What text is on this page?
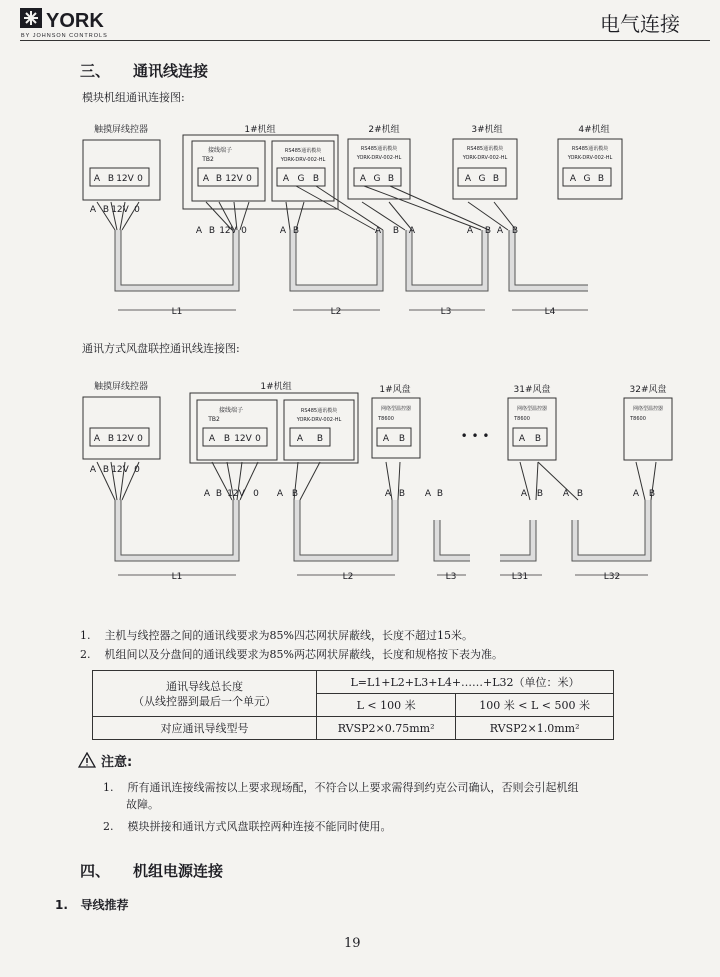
YORK
BY JOHNSON CONTROLS	电气连接
三、 通讯线连接
模块机组通讯连接图:
触摸屏线控器	1#机组	2#机组	3#机组	4#机组
接线端子
TB2
RS485通讯模块
YORK-DRV-002-HL
RS485通讯模块
YORK-DRV-002-HL
RS485通讯模块
YORK-DRV-002-HL
RS485通讯模块
YORK-DRV-002-HL
A B 12V 0	A B 12V 0	A G B	A G B	A G B	A G B
A B 12V 0
A B 12V 0	A B	A B A	A B A B
L1	L2	L3	L4
通讯方式风盘联控通讯线连接图:
触摸屏线控器	1#机组	1#风盘	31#风盘	32#风盘
接线端子
TB2
RS485通讯模块
YORK-DRV-002-HL
网络型温控器
T8600
网络型温控器
T8600
网络型温控器
T8600
• • •
A B 12V 0	A B 12V 0	A B	A B	A B
A B 12V 0
A B 12V 0 A B	A B A B	A B A B	A B
L1	L2	L3	L31	L32
1. 主机与线控器之间的通讯线要求为85%四芯网状屏蔽线，长度不超过15米。
2. 机组间以及分盘间的通讯线要求为85%两芯网状屏蔽线，长度和规格按下表为准。
通讯导线总长度
（从线控器到最后一个单元）	L=L1+L2+L3+L4+……+L32（单位：米）	
	L < 100 米	100 米 < L < 500 米
对应通讯导线型号	RVSP2×0.75mm²	RVSP2×1.0mm²
注意:
1. 所有通讯连接线需按以上要求现场配，不符合以上要求需得到约克公司确认，否则会引起机组
故障。
2. 模块拼接和通讯方式风盘联控两种连接不能同时使用。
四、 机组电源连接
1. 导线推荐
19
